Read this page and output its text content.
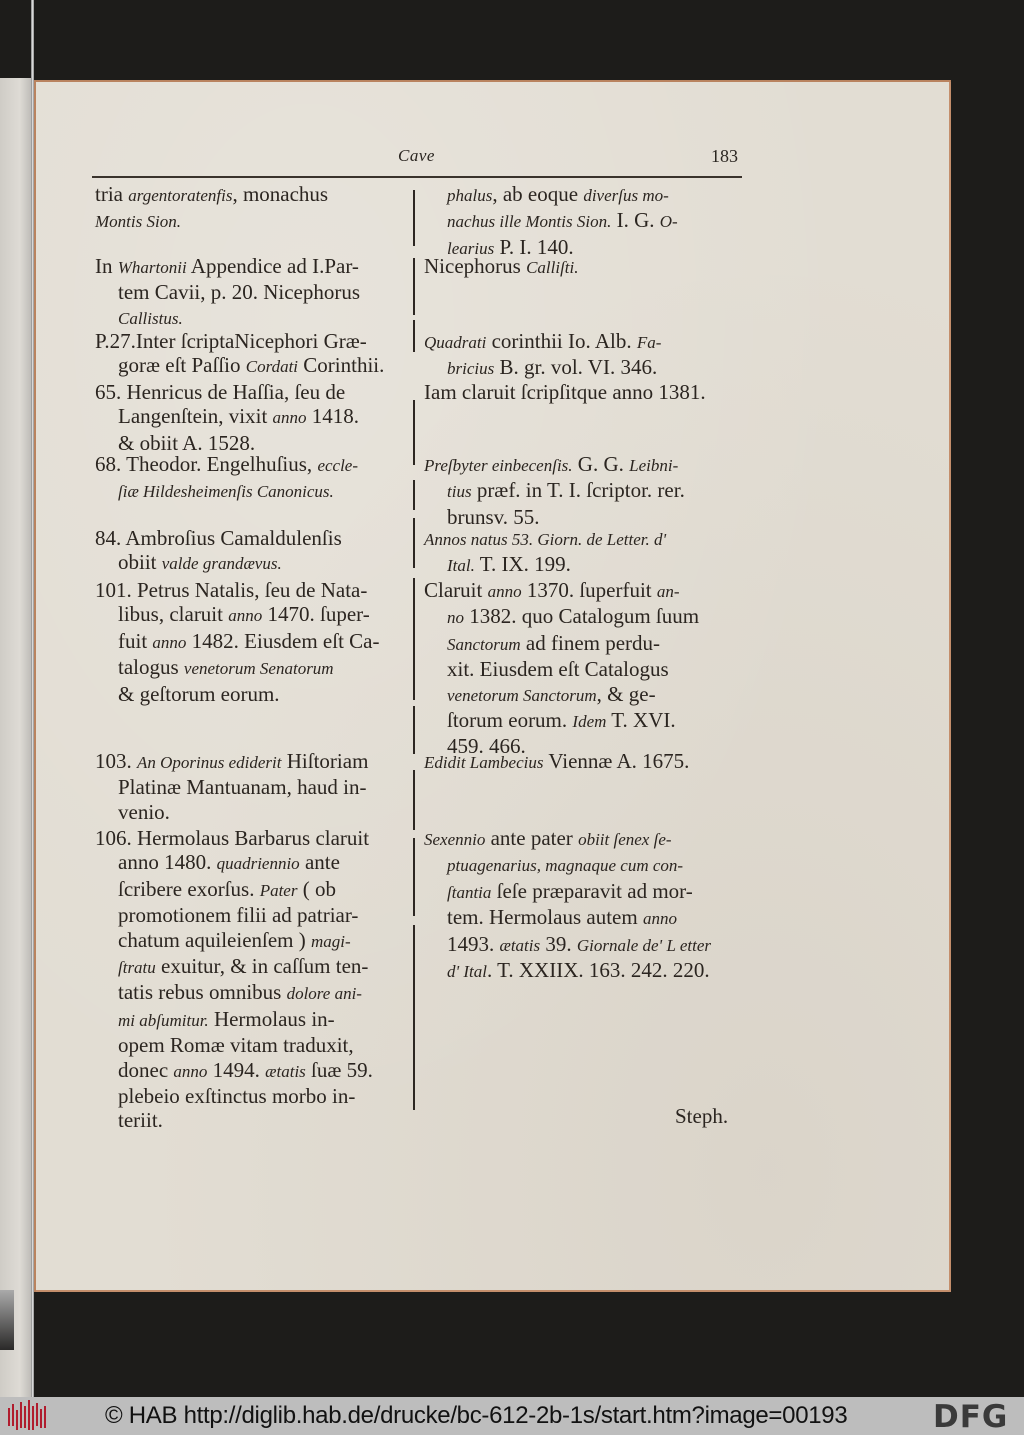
Cave	183
tria argentoratenfis, monachus
Montis Sion.
In Whartonii Appendice ad I.Par-
tem Cavii, p. 20. Nicephorus
Callistus.
P.27.Inter ſcriptaNicephori Græ-
goræ eſt Paſſio Cordati Corinthii.
65. Henricus de Haſſia, ſeu de
Langenſtein, vixit anno 1418.
& obiit A. 1528.
68. Theodor. Engelhuſius, eccle-
ſiæ Hildesheimenſis Canonicus.
84. Ambroſius Camaldulenſis
obiit valde grandævus.
101. Petrus Natalis, ſeu de Nata-
libus, claruit anno 1470. ſuper-
fuit anno 1482. Eiusdem eſt Ca-
talogus venetorum Senatorum
& geſtorum eorum.
103. An Oporinus ediderit Hiſtoriam
Platinæ Mantuanam, haud in-
venio.
106. Hermolaus Barbarus claruit
anno 1480. quadriennio ante
ſcribere exorſus. Pater ( ob
promotionem filii ad patriar-
chatum aquileienſem ) magi-
ſtratu exuitur, & in caſſum ten-
tatis rebus omnibus dolore ani-
mi abſumitur. Hermolaus in-
opem Romæ vitam traduxit,
donec anno 1494. ætatis ſuæ 59.
plebeio exſtinctus morbo in-
teriit.
phalus, ab eoque diverſus mo-
nachus ille Montis Sion. I. G. O-
learius P. I. 140.
Nicephorus Calliſti.
Quadrati corinthii Io. Alb. Fa-
bricius B. gr. vol. VI. 346.
Iam claruit ſcripſitque anno 1381.
Preſbyter einbecenſis. G. G. Leibni-
tius præf. in T. I. ſcriptor. rer.
brunsv. 55.
Annos natus 53. Giorn. de Letter. d'
Ital. T. IX. 199.
Claruit anno 1370. ſuperfuit an-
no 1382. quo Catalogum ſuum
Sanctorum ad finem perdu-
xit. Eiusdem eſt Catalogus
venetorum Sanctorum, & ge-
ſtorum eorum. Idem T. XVI.
459. 466.
Edidit Lambecius Viennæ A. 1675.
Sexennio ante pater obiit ſenex ſe-
ptuagenarius, magnaque cum con-
ſtantia ſeſe præparavit ad mor-
tem. Hermolaus autem anno
1493. ætatis 39. Giornale de' L etter
d' Ital. T. XXIIX. 163. 242. 220.
Steph.
© HAB http://diglib.hab.de/drucke/bc-612-2b-1s/start.htm?image=00193	DFG
